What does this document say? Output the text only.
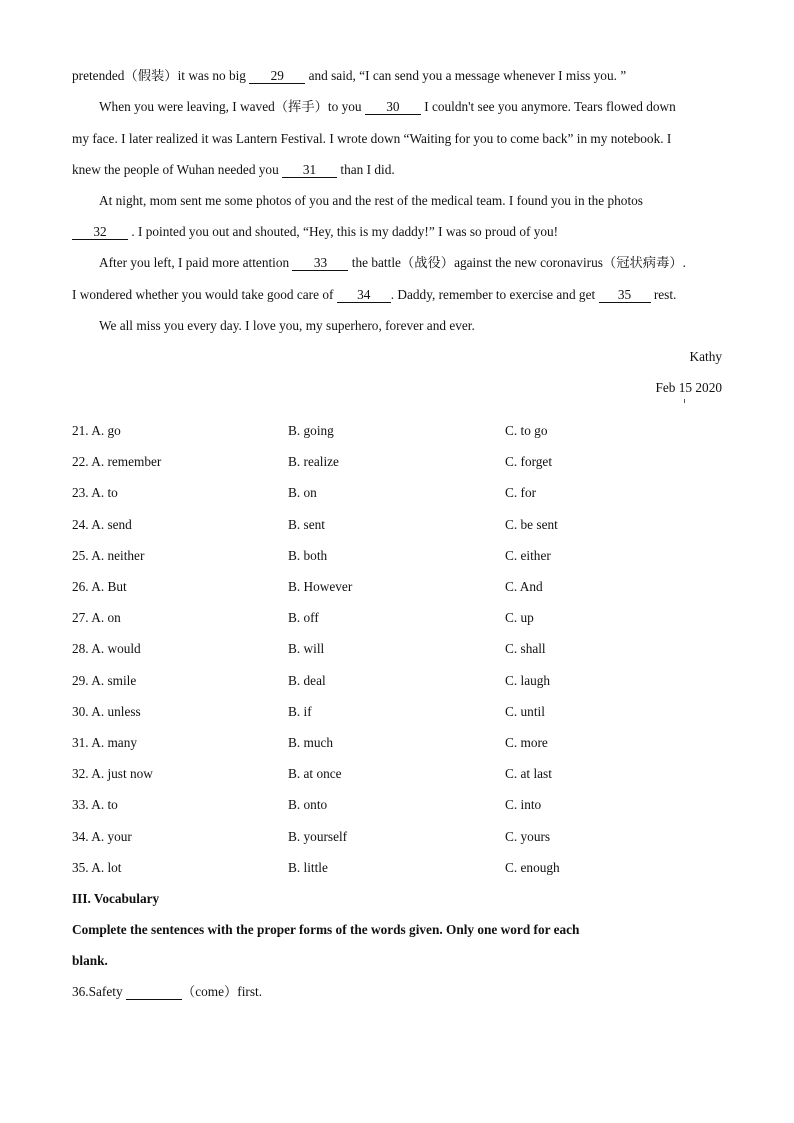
pretended（假装）it was no big 29 and said, “I can send you a message whenever I miss you. ”
When you were leaving, I waved（挥手）to you 30 I couldn't see you anymore. Tears flowed down
my face. I later realized it was Lantern Festival. I wrote down “Waiting for you to come back” in my notebook. I
knew the people of Wuhan needed you 31 than I did.
At night, mom sent me some photos of you and the rest of the medical team. I found you in the photos
32 . I pointed you out and shouted, “Hey, this is my daddy!” I was so proud of you!
After you left, I paid more attention 33 the battle（战役）against the new coronavirus（冠状病毒）.
I wondered whether you would take good care of 34 . Daddy, remember to exercise and get 35 rest.
We all miss you every day. I love you, my superhero, forever and ever.
Kathy
Feb 15 2020
21. A. go	B. going	C. to go
22. A. remember	B. realize	C. forget
23. A. to	B. on	C. for
24. A. send	B. sent	C. be sent
25. A. neither	B. both	C. either
26. A. But	B. However	C. And
27. A. on	B. off	C. up
28. A. would	B. will	C. shall
29. A. smile	B. deal	C. laugh
30. A. unless	B. if	C. until
31. A. many	B. much	C. more
32. A. just now	B. at once	C. at last
33. A. to	B. onto	C. into
34. A. your	B. yourself	C. yours
35. A. lot	B. little	C. enough
III. Vocabulary
Complete the sentences with the proper forms of the words given. Only one word for each
blank.
36.Safety	（come）first.
